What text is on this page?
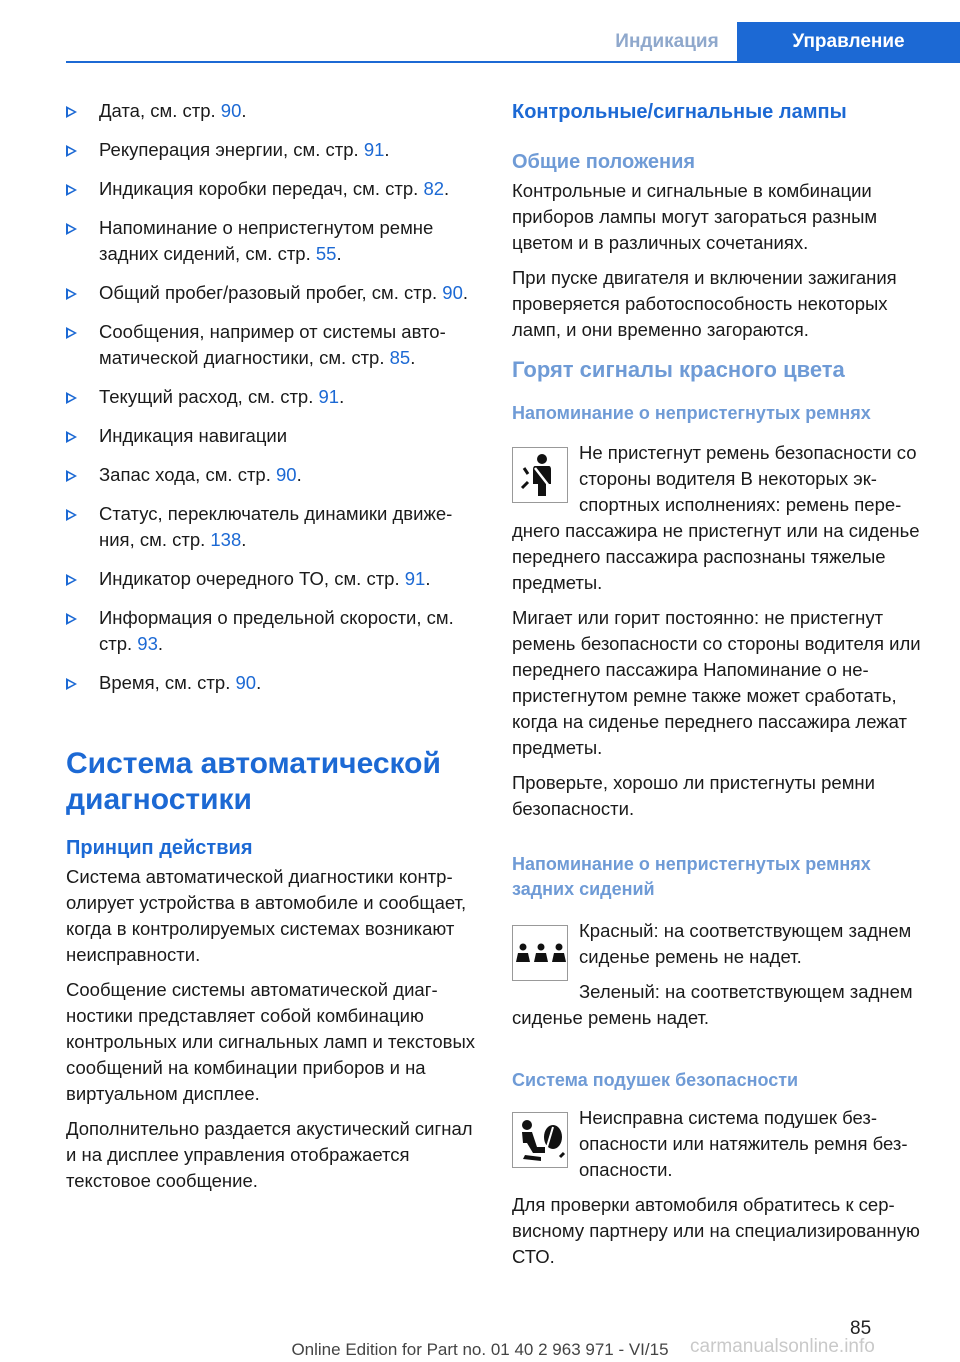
Индикация	Управление
Дата, см. стр. 90.
Рекуперация энергии, см. стр. 91.
Индикация коробки передач, см. стр. 82.
Напоминание о непристегнутом ремне задних сидений, см. стр. 55.
Общий пробег/разовый пробег, см. стр. 90.
Сообщения, например от системы автоматической диагностики, см. стр. 85.
Текущий расход, см. стр. 91.
Индикация навигации
Запас хода, см. стр. 90.
Статус, переключатель динамики движения, см. стр. 138.
Индикатор очередного ТО, см. стр. 91.
Информация о предельной скорости, см. стр. 93.
Время, см. стр. 90.
Система автоматической диагностики
Принцип действия

Система автоматической диагностики контролирует устройства в автомобиле и сообщает, когда в контролируемых системах возникают неисправности.

Сообщение системы автоматической диагностики представляет собой комбинацию контрольных или сигнальных ламп и текстовых сообщений на комбинации приборов и на виртуальном дисплее.

Дополнительно раздается акустический сигнал и на дисплее управления отображается текстовое сообщение.

Контрольные/сигнальные лампы
Общие положения

Контрольные и сигнальные в комбинации приборов лампы могут загораться разным цветом и в различных сочетаниях.

При пуске двигателя и включении зажигания проверяется работоспособность некоторых ламп, и они временно загораются.

Горят сигналы красного цвета
Напоминание о непристегнутых ремнях

Не пристегнут ремень безопасности со стороны водителя В некоторых экспортных исполнениях: ремень переднего пассажира не пристегнут или на сиденье переднего пассажира распознаны тяжелые предметы.

Мигает или горит постоянно: не пристегнут ремень безопасности со стороны водителя или переднего пассажира Напоминание о непристегнутом ремне также может сработать, когда на сиденье переднего пассажира лежат предметы.

Проверьте, хорошо ли пристегнуты ремни безопасности.

Напоминание о непристегнутых ремнях задних сидений

Красный: на соответствующем заднем сиденье ремень не надет.

Зеленый: на соответствующем заднем сиденье ремень надет.

Система подушек безопасности

Неисправна система подушек безопасности или натяжитель ремня безопасности.

Для проверки автомобиля обратитесь к сервисному партнеру или на специализированную СТО.

85
Online Edition for Part no. 01 40 2 963 971 - VI/15	carmanualsonline.info
